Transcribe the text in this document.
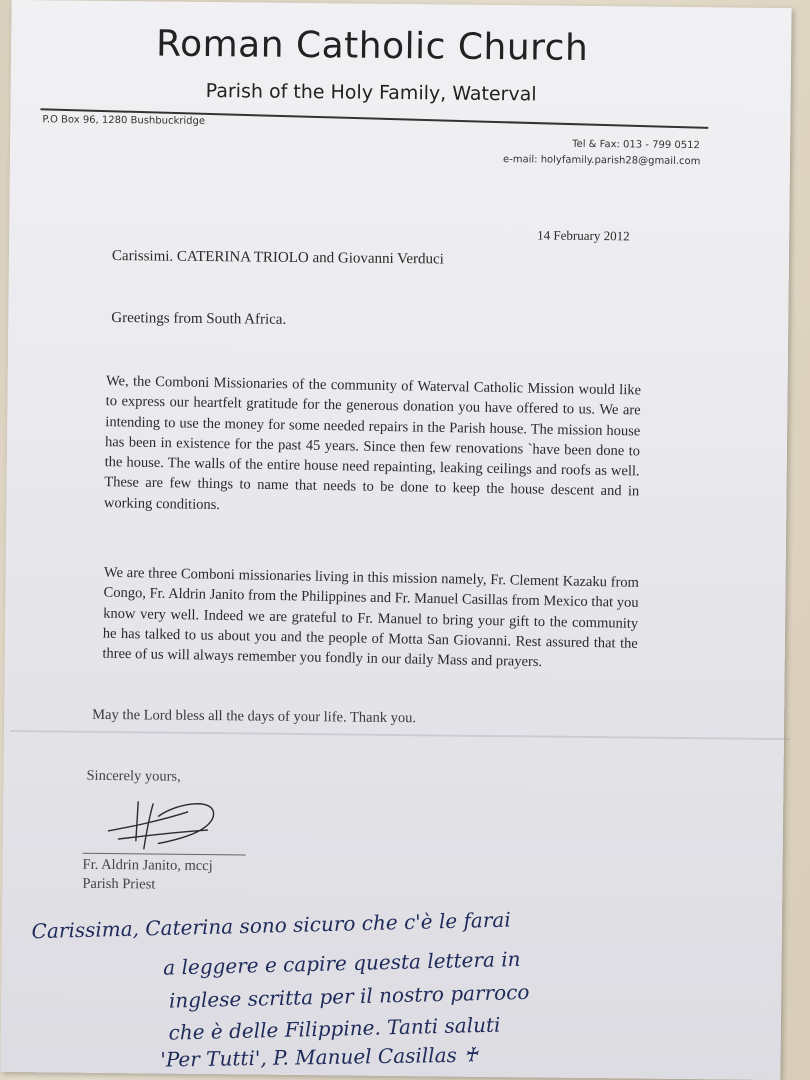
Roman Catholic Church
Parish of the Holy Family, Waterval
P.O Box 96, 1280 Bushbuckridge
Tel & Fax: 013 - 799 0512
e-mail: holyfamily.parish28@gmail.com
14 February 2012
Carissimi. CATERINA TRIOLO and Giovanni Verduci
Greetings from South Africa.
We, the Comboni Missionaries of the community of Waterval Catholic Mission would like to express our heartfelt gratitude for the generous donation you have offered to us. We are intending to use the money for some needed repairs in the Parish house. The mission house has been in existence for the past 45 years. Since then few renovations `have been done to the house. The walls of the entire house need repainting, leaking ceilings and roofs as well. These are few things to name that needs to be done to keep the house descent and in working conditions.
We are three Comboni missionaries living in this mission namely, Fr. Clement Kazaku from Congo, Fr. Aldrin Janito from the Philippines and Fr. Manuel Casillas from Mexico that you know very well. Indeed we are grateful to Fr. Manuel to bring your gift to the community he has talked to us about you and the people of Motta San Giovanni. Rest assured that the three of us will always remember you fondly in our daily Mass and prayers.
May the Lord bless all the days of your life. Thank you.
Sincerely yours,
Fr. Aldrin Janito, mccj
Parish Priest
Carissima, Caterina sono sicuro che c'è le farai
a leggere e capire questa lettera in
inglese scritta per il nostro parroco
che è delle Filippine. Tanti saluti
'Per Tutti', P. Manuel Casillas ♰
